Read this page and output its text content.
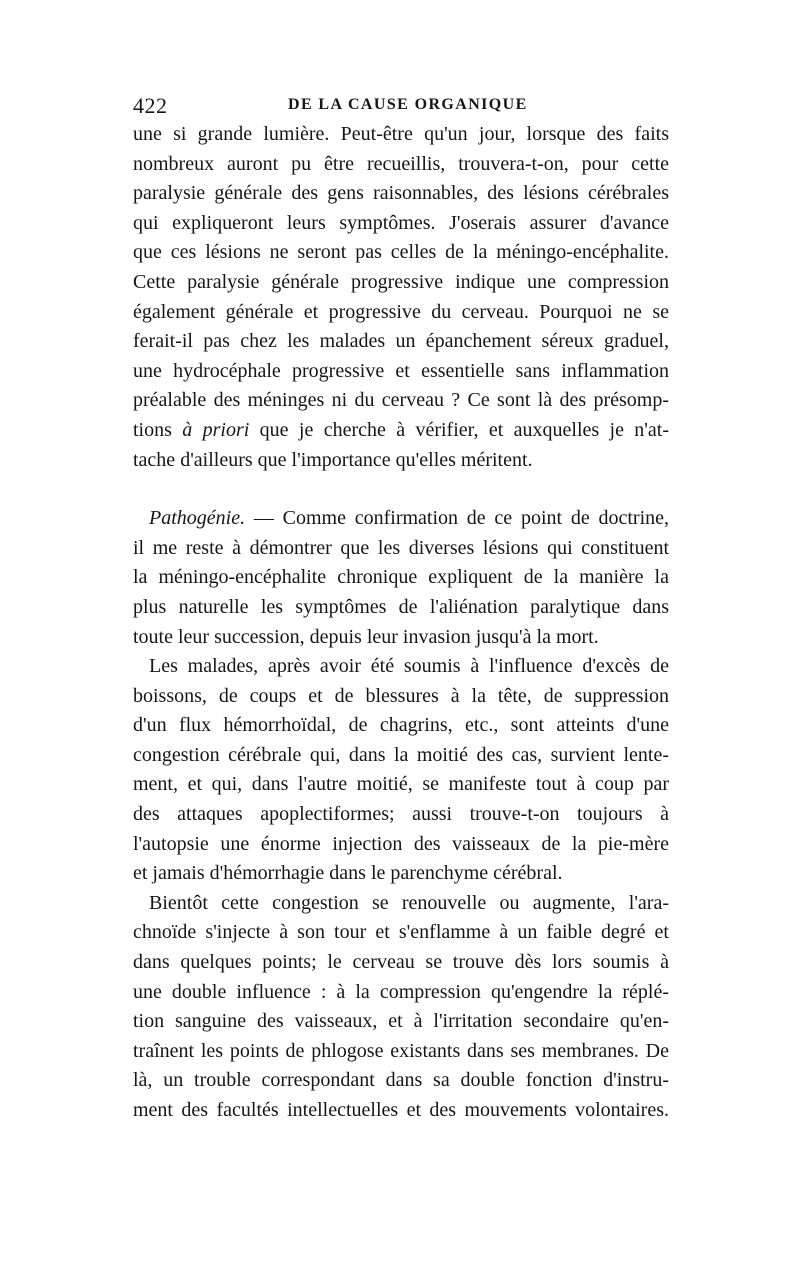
422	DE LA CAUSE ORGANIQUE
une si grande lumière. Peut-être qu'un jour, lorsque des faits
nombreux auront pu être recueillis, trouvera-t-on, pour cette
paralysie générale des gens raisonnables, des lésions cérébrales
qui expliqueront leurs symptômes. J'oserais assurer d'avance
que ces lésions ne seront pas celles de la méningo-encéphalite.
Cette paralysie générale progressive indique une compression
également générale et progressive du cerveau. Pourquoi ne se
ferait-il pas chez les malades un épanchement séreux graduel,
une hydrocéphale progressive et essentielle sans inflammation
préalable des méninges ni du cerveau ? Ce sont là des présomp-
tions à priori que je cherche à vérifier, et auxquelles je n'at-
tache d'ailleurs que l'importance qu'elles méritent.
Pathogénie. — Comme confirmation de ce point de doctrine,
il me reste à démontrer que les diverses lésions qui constituent
la méningo-encéphalite chronique expliquent de la manière la
plus naturelle les symptômes de l'aliénation paralytique dans
toute leur succession, depuis leur invasion jusqu'à la mort.
Les malades, après avoir été soumis à l'influence d'excès de
boissons, de coups et de blessures à la tête, de suppression
d'un flux hémorrhoïdal, de chagrins, etc., sont atteints d'une
congestion cérébrale qui, dans la moitié des cas, survient lente-
ment, et qui, dans l'autre moitié, se manifeste tout à coup par
des attaques apoplectiformes; aussi trouve-t-on toujours à
l'autopsie une énorme injection des vaisseaux de la pie-mère
et jamais d'hémorrhagie dans le parenchyme cérébral.
Bientôt cette congestion se renouvelle ou augmente, l'ara-
chnoïde s'injecte à son tour et s'enflamme à un faible degré et
dans quelques points; le cerveau se trouve dès lors soumis à
une double influence : à la compression qu'engendre la réplé-
tion sanguine des vaisseaux, et à l'irritation secondaire qu'en-
traînent les points de phlogose existants dans ses membranes. De
là, un trouble correspondant dans sa double fonction d'instru-
ment des facultés intellectuelles et des mouvements volontaires.
